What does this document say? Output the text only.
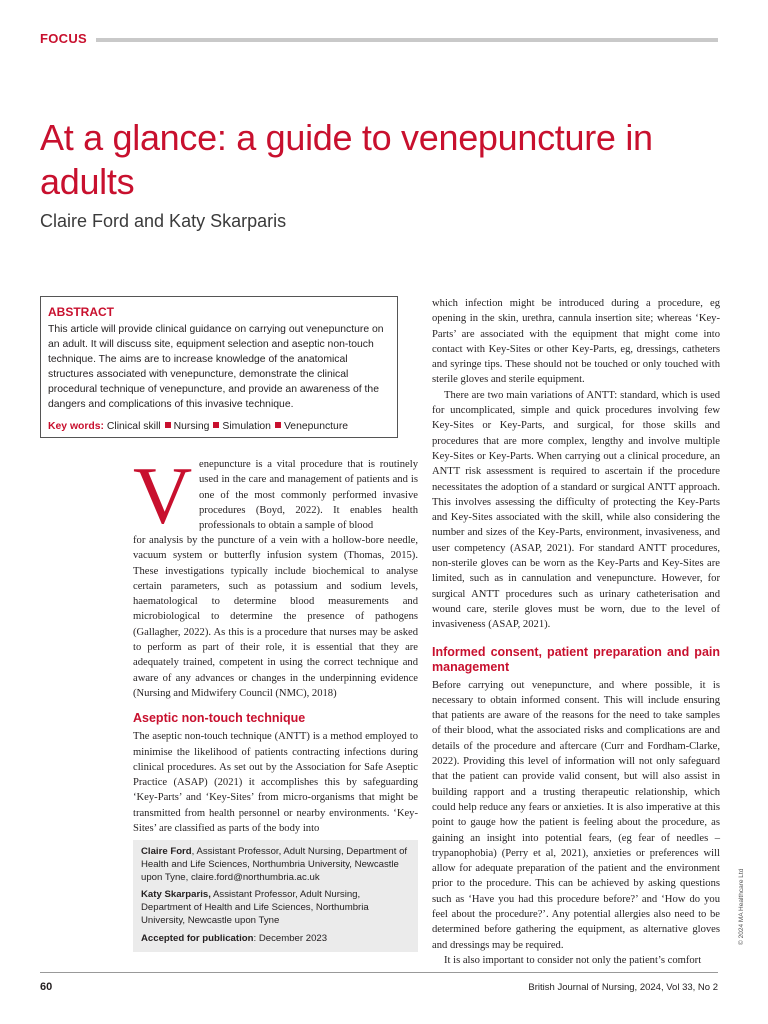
FOCUS
At a glance: a guide to venepuncture in adults
Claire Ford and Katy Skarparis
ABSTRACT
This article will provide clinical guidance on carrying out venepuncture on an adult. It will discuss site, equipment selection and aseptic non-touch technique. The aims are to increase knowledge of the anatomical structures associated with venepuncture, demonstrate the clinical procedural technique of venepuncture, and provide an awareness of the dangers and complications of this invasive technique.
Key words: Clinical skill Nursing Simulation Venepuncture
V enepuncture is a vital procedure that is routinely used in the care and management of patients and is one of the most commonly performed invasive procedures (Boyd, 2022). It enables health professionals to obtain a sample of blood

for analysis by the puncture of a vein with a hollow-bore needle, vacuum system or butterfly infusion system (Thomas, 2015). These investigations typically include biochemical to analyse certain parameters, such as potassium and sodium levels, haematological to determine blood measurements and microbiological to determine the presence of pathogens (Gallagher, 2022). As this is a procedure that nurses may be asked to perform as part of their role, it is essential that they are adequately trained, competent in using the correct technique and aware of any advances or changes in the underpinning evidence (Nursing and Midwifery Council (NMC), 2018)

Aseptic non-touch technique

The aseptic non-touch technique (ANTT) is a method employed to minimise the likelihood of patients contracting infections during clinical procedures. As set out by the Association for Safe Aseptic Practice (ASAP) (2021) it accomplishes this by safeguarding ‘Key-Parts’ and ‘Key-Sites’ from micro-organisms that might be transmitted from health personnel or nearby environments. ‘Key-Sites’ are classified as parts of the body into

Claire Ford, Assistant Professor, Adult Nursing, Department of Health and Life Sciences, Northumbria University, Newcastle upon Tyne, claire.ford@northumbria.ac.uk

Katy Skarparis, Assistant Professor, Adult Nursing, Department of Health and Life Sciences, Northumbria University, Newcastle upon Tyne

Accepted for publication: December 2023

which infection might be introduced during a procedure, eg opening in the skin, urethra, cannula insertion site; whereas ‘Key-Parts’ are associated with the equipment that might come into contact with Key-Sites or other Key-Parts, eg, dressings, catheters and syringe tips. These should not be touched or only touched with sterile gloves and sterile equipment.

There are two main variations of ANTT: standard, which is used for uncomplicated, simple and quick procedures involving few Key-Sites or Key-Parts, and surgical, for those skills and procedures that are more complex, lengthy and involve multiple Key-Sites or Key-Parts. When carrying out a clinical procedure, an ANTT risk assessment is required to ascertain if the procedure necessitates the adoption of a standard or surgical ANTT approach. This involves assessing the difficulty of protecting the Key-Parts and Key-Sites associated with the skill, while also considering the number and sizes of the Key-Parts, environment, invasiveness, and user competency (ASAP, 2021). For standard ANTT procedures, non-sterile gloves can be worn as the Key-Parts and Key-Sites are limited, such as in cannulation and venepuncture. However, for surgical ANTT procedures such as urinary catheterisation and wound care, sterile gloves must be worn, due to the level of invasiveness (ASAP, 2021).

Informed consent, patient preparation and pain management

Before carrying out venepuncture, and where possible, it is necessary to obtain informed consent. This will include ensuring that patients are aware of the reasons for the need to take samples of their blood, what the associated risks and complications are and details of the procedure and aftercare (Curr and Fordham-Clarke, 2022). Providing this level of information will not only safeguard that the patient can provide valid consent, but will also assist in building rapport and a trusting therapeutic relationship, which could help reduce any fears or anxieties. It is also imperative at this point to gauge how the patient is feeling about the procedure, as gaining an insight into potential fears, (eg fear of needles – trypanophobia) (Perry et al, 2021), anxieties or preferences will allow for adequate preparation of the patient and the environment prior to the procedure. This can be achieved by asking questions such as ‘Have you had this procedure before?’ and ‘How do you feel about the procedure?’. Any potential allergies also need to be determined before gathering the equipment, as alternative gloves and dressings may be required.

It is also important to consider not only the patient’s comfort

© 2024 MA Healthcare Ltd
60	British Journal of Nursing, 2024, Vol 33, No 2
